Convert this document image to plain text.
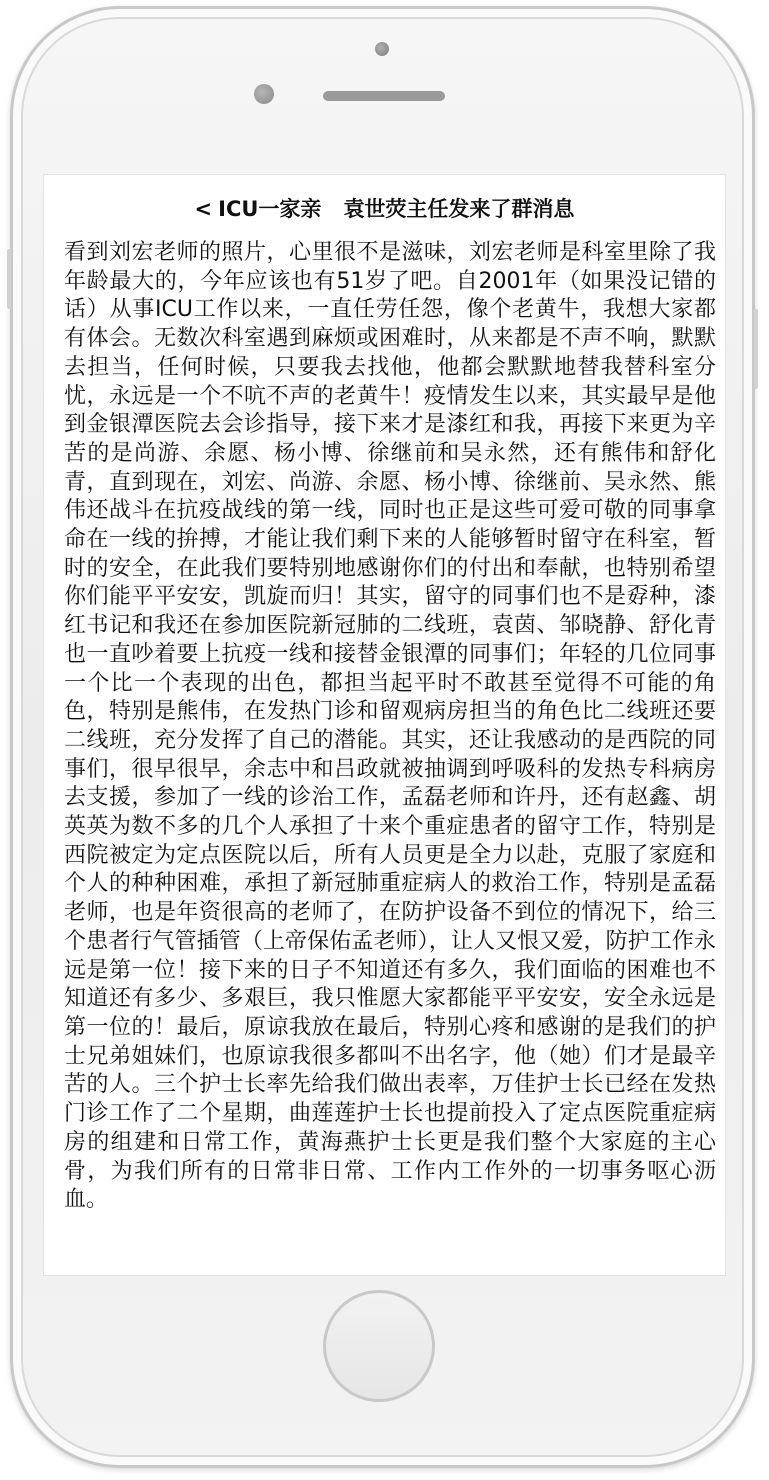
< ICU一家亲 袁世荧主任发来了群消息
看到刘宏老师的照片，心里很不是滋味，刘宏老师是科室里除了我年龄最大的，今年应该也有51岁了吧。自2001年（如果没记错的话）从事ICU工作以来，一直任劳任怨，像个老黄牛，我想大家都有体会。无数次科室遇到麻烦或困难时，从来都是不声不响，默默去担当，任何时候，只要我去找他，他都会默默地替我替科室分忧，永远是一个不吭不声的老黄牛！疫情发生以来，其实最早是他到金银潭医院去会诊指导，接下来才是漆红和我，再接下来更为辛苦的是尚游、余愿、杨小博、徐继前和吴永然，还有熊伟和舒化青，直到现在，刘宏、尚游、余愿、杨小博、徐继前、吴永然、熊伟还战斗在抗疫战线的第一线，同时也正是这些可爱可敬的同事拿命在一线的拚搏，才能让我们剩下来的人能够暂时留守在科室，暂时的安全，在此我们要特别地感谢你们的付出和奉献，也特别希望你们能平平安安，凯旋而归！其实，留守的同事们也不是孬种，漆红书记和我还在参加医院新冠肺的二线班，袁茵、邹晓静、舒化青也一直吵着要上抗疫一线和接替金银潭的同事们；年轻的几位同事一个比一个表现的出色，都担当起平时不敢甚至觉得不可能的角色，特别是熊伟，在发热门诊和留观病房担当的角色比二线班还要二线班，充分发挥了自己的潜能。其实，还让我感动的是西院的同事们，很早很早，余志中和吕政就被抽调到呼吸科的发热专科病房去支援，参加了一线的诊治工作，孟磊老师和许丹，还有赵鑫、胡英英为数不多的几个人承担了十来个重症患者的留守工作，特别是西院被定为定点医院以后，所有人员更是全力以赴，克服了家庭和个人的种种困难，承担了新冠肺重症病人的救治工作，特别是孟磊老师，也是年资很高的老师了，在防护设备不到位的情况下，给三个患者行气管插管（上帝保佑孟老师），让人又恨又爱，防护工作永远是第一位！接下来的日子不知道还有多久，我们面临的困难也不知道还有多少、多艰巨，我只惟愿大家都能平平安安，安全永远是第一位的！最后，原谅我放在最后，特别心疼和感谢的是我们的护士兄弟姐妹们，也原谅我很多都叫不出名字，他（她）们才是最辛苦的人。三个护士长率先给我们做出表率，万佳护士长已经在发热门诊工作了二个星期，曲莲莲护士长也提前投入了定点医院重症病房的组建和日常工作，黄海燕护士长更是我们整个大家庭的主心骨，为我们所有的日常非日常、工作内工作外的一切事务呕心沥血。
